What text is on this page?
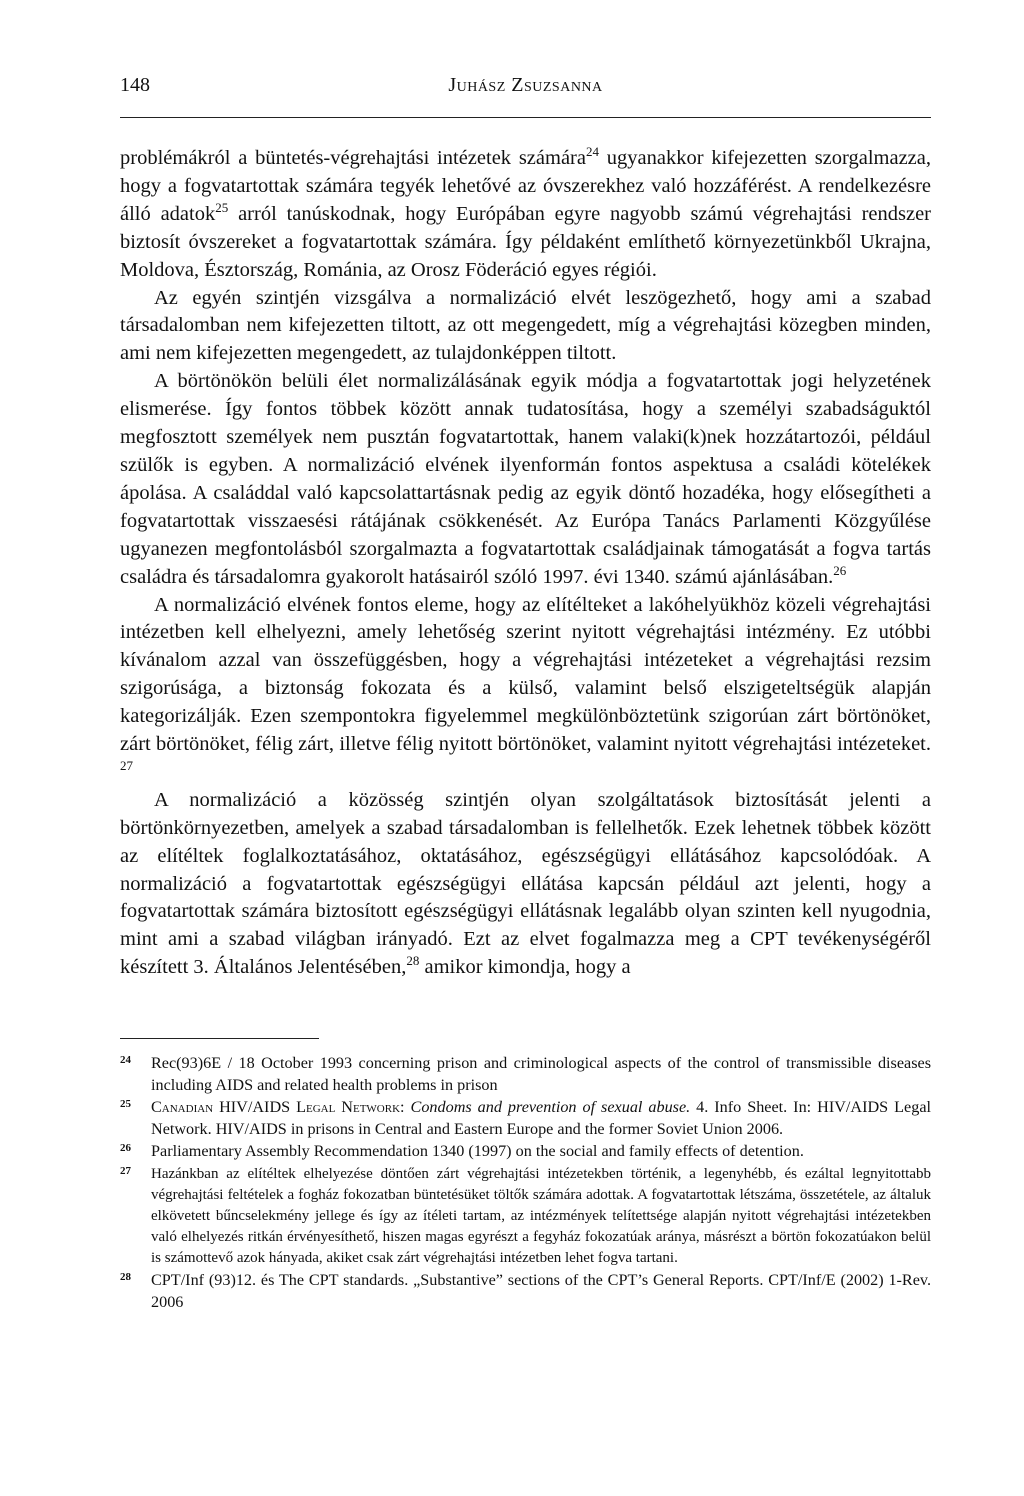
148	Juhász Zsuzsanna

problémákról a büntetés-végrehajtási intézetek számára$^{24}$ ugyanakkor kifejezetten szorgalmazza, hogy a fogvatartottak számára tegyék lehetővé az óvszerekhez való hozzáférést. A rendelkezésre álló adatok$^{25}$ arról tanúskodnak, hogy Európában egyre nagyobb számú végrehajtási rendszer biztosít óvszereket a fogvatartottak számára. Így példaként említhető környezetünkből Ukrajna, Moldova, Észtország, Románia, az Orosz Föderáció egyes régiói.

Az egyén szintjén vizsgálva a normalizáció elvét leszögezhető, hogy ami a szabad társadalomban nem kifejezetten tiltott, az ott megengedett, míg a végrehajtási közegben minden, ami nem kifejezetten megengedett, az tulajdonképpen tiltott.

A börtönökön belüli élet normalizálásának egyik módja a fogvatartottak jogi helyzetének elismerése. Így fontos többek között annak tudatosítása, hogy a személyi szabadságuktól megfosztott személyek nem pusztán fogvatartottak, hanem valaki(k)nek hozzátartozói, például szülők is egyben. A normalizáció elvének ilyenformán fontos aspektusa a családi kötelékek ápolása. A családdal való kapcsolattartásnak pedig az egyik döntő hozadéka, hogy elősegítheti a fogvatartottak visszaesési rátájának csökkenését. Az Európa Tanács Parlamenti Közgyűlése ugyanezen megfontolásból szorgalmazta a fogvatartottak családjainak támogatását a fogva tartás családra és társadalomra gyakorolt hatásairól szóló 1997. évi 1340. számú ajánlásában.$^{26}$

A normalizáció elvének fontos eleme, hogy az elítélteket a lakóhelyükhöz közeli végrehajtási intézetben kell elhelyezni, amely lehetőség szerint nyitott végrehajtási intézmény. Ez utóbbi kívánalom azzal van összefüggésben, hogy a végrehajtási intézeteket a végrehajtási rezsim szigorúsága, a biztonság fokozata és a külső, valamint belső elszigeteltségük alapján kategorizálják. Ezen szempontokra figyelemmel megkülönböztetünk szigorúan zárt börtönöket, zárt börtönöket, félig zárt, illetve félig nyitott börtönöket, valamint nyitott végrehajtási intézeteket. $^{27}$

A normalizáció a közösség szintjén olyan szolgáltatások biztosítását jelenti a börtönkörnyezetben, amelyek a szabad társadalomban is fellelhetők. Ezek lehetnek többek között az elítéltek foglalkoztatásához, oktatásához, egészségügyi ellátásához kapcsolódóak. A normalizáció a fogvatartottak egészségügyi ellátása kapcsán például azt jelenti, hogy a fogvatartottak számára biztosított egészségügyi ellátásnak legalább olyan szinten kell nyugodnia, mint ami a szabad világban irányadó. Ezt az elvet fogalmazza meg a CPT tevékenységéről készített 3. Általános Jelentésében,$^{28}$ amikor kimondja, hogy a

24 Rec(93)6E / 18 October 1993 concerning prison and criminological aspects of the control of transmissible diseases including AIDS and related health problems in prison
25 Canadian HIV/AIDS Legal Network: Condoms and prevention of sexual abuse. 4. Info Sheet. In: HIV/AIDS Legal Network. HIV/AIDS in prisons in Central and Eastern Europe and the former Soviet Union 2006.
26 Parliamentary Assembly Recommendation 1340 (1997) on the social and family effects of detention.
27 Hazánkban az elítéltek elhelyezése döntően zárt végrehajtási intézetekben történik, a legenyhébb, és ezáltal legnyitottabb végrehajtási feltételek a fogház fokozatban büntetésüket töltők számára adottak. A fogvatartottak létszáma, összetétele, az általuk elkövetett bűncselekmény jellege és így az ítéleti tartam, az intézmények telítettsége alapján nyitott végrehajtási intézetekben való elhelyezés ritkán érvényesíthető, hiszen magas egyrészt a fegyház fokozatúak aránya, másrészt a börtön fokozatúakon belül is számottevő azok hányada, akiket csak zárt végrehajtási intézetben lehet fogva tartani.
28 CPT/Inf (93)12. és The CPT standards. „Substantive” sections of the CPT’s General Reports. CPT/Inf/E (2002) 1-Rev. 2006
